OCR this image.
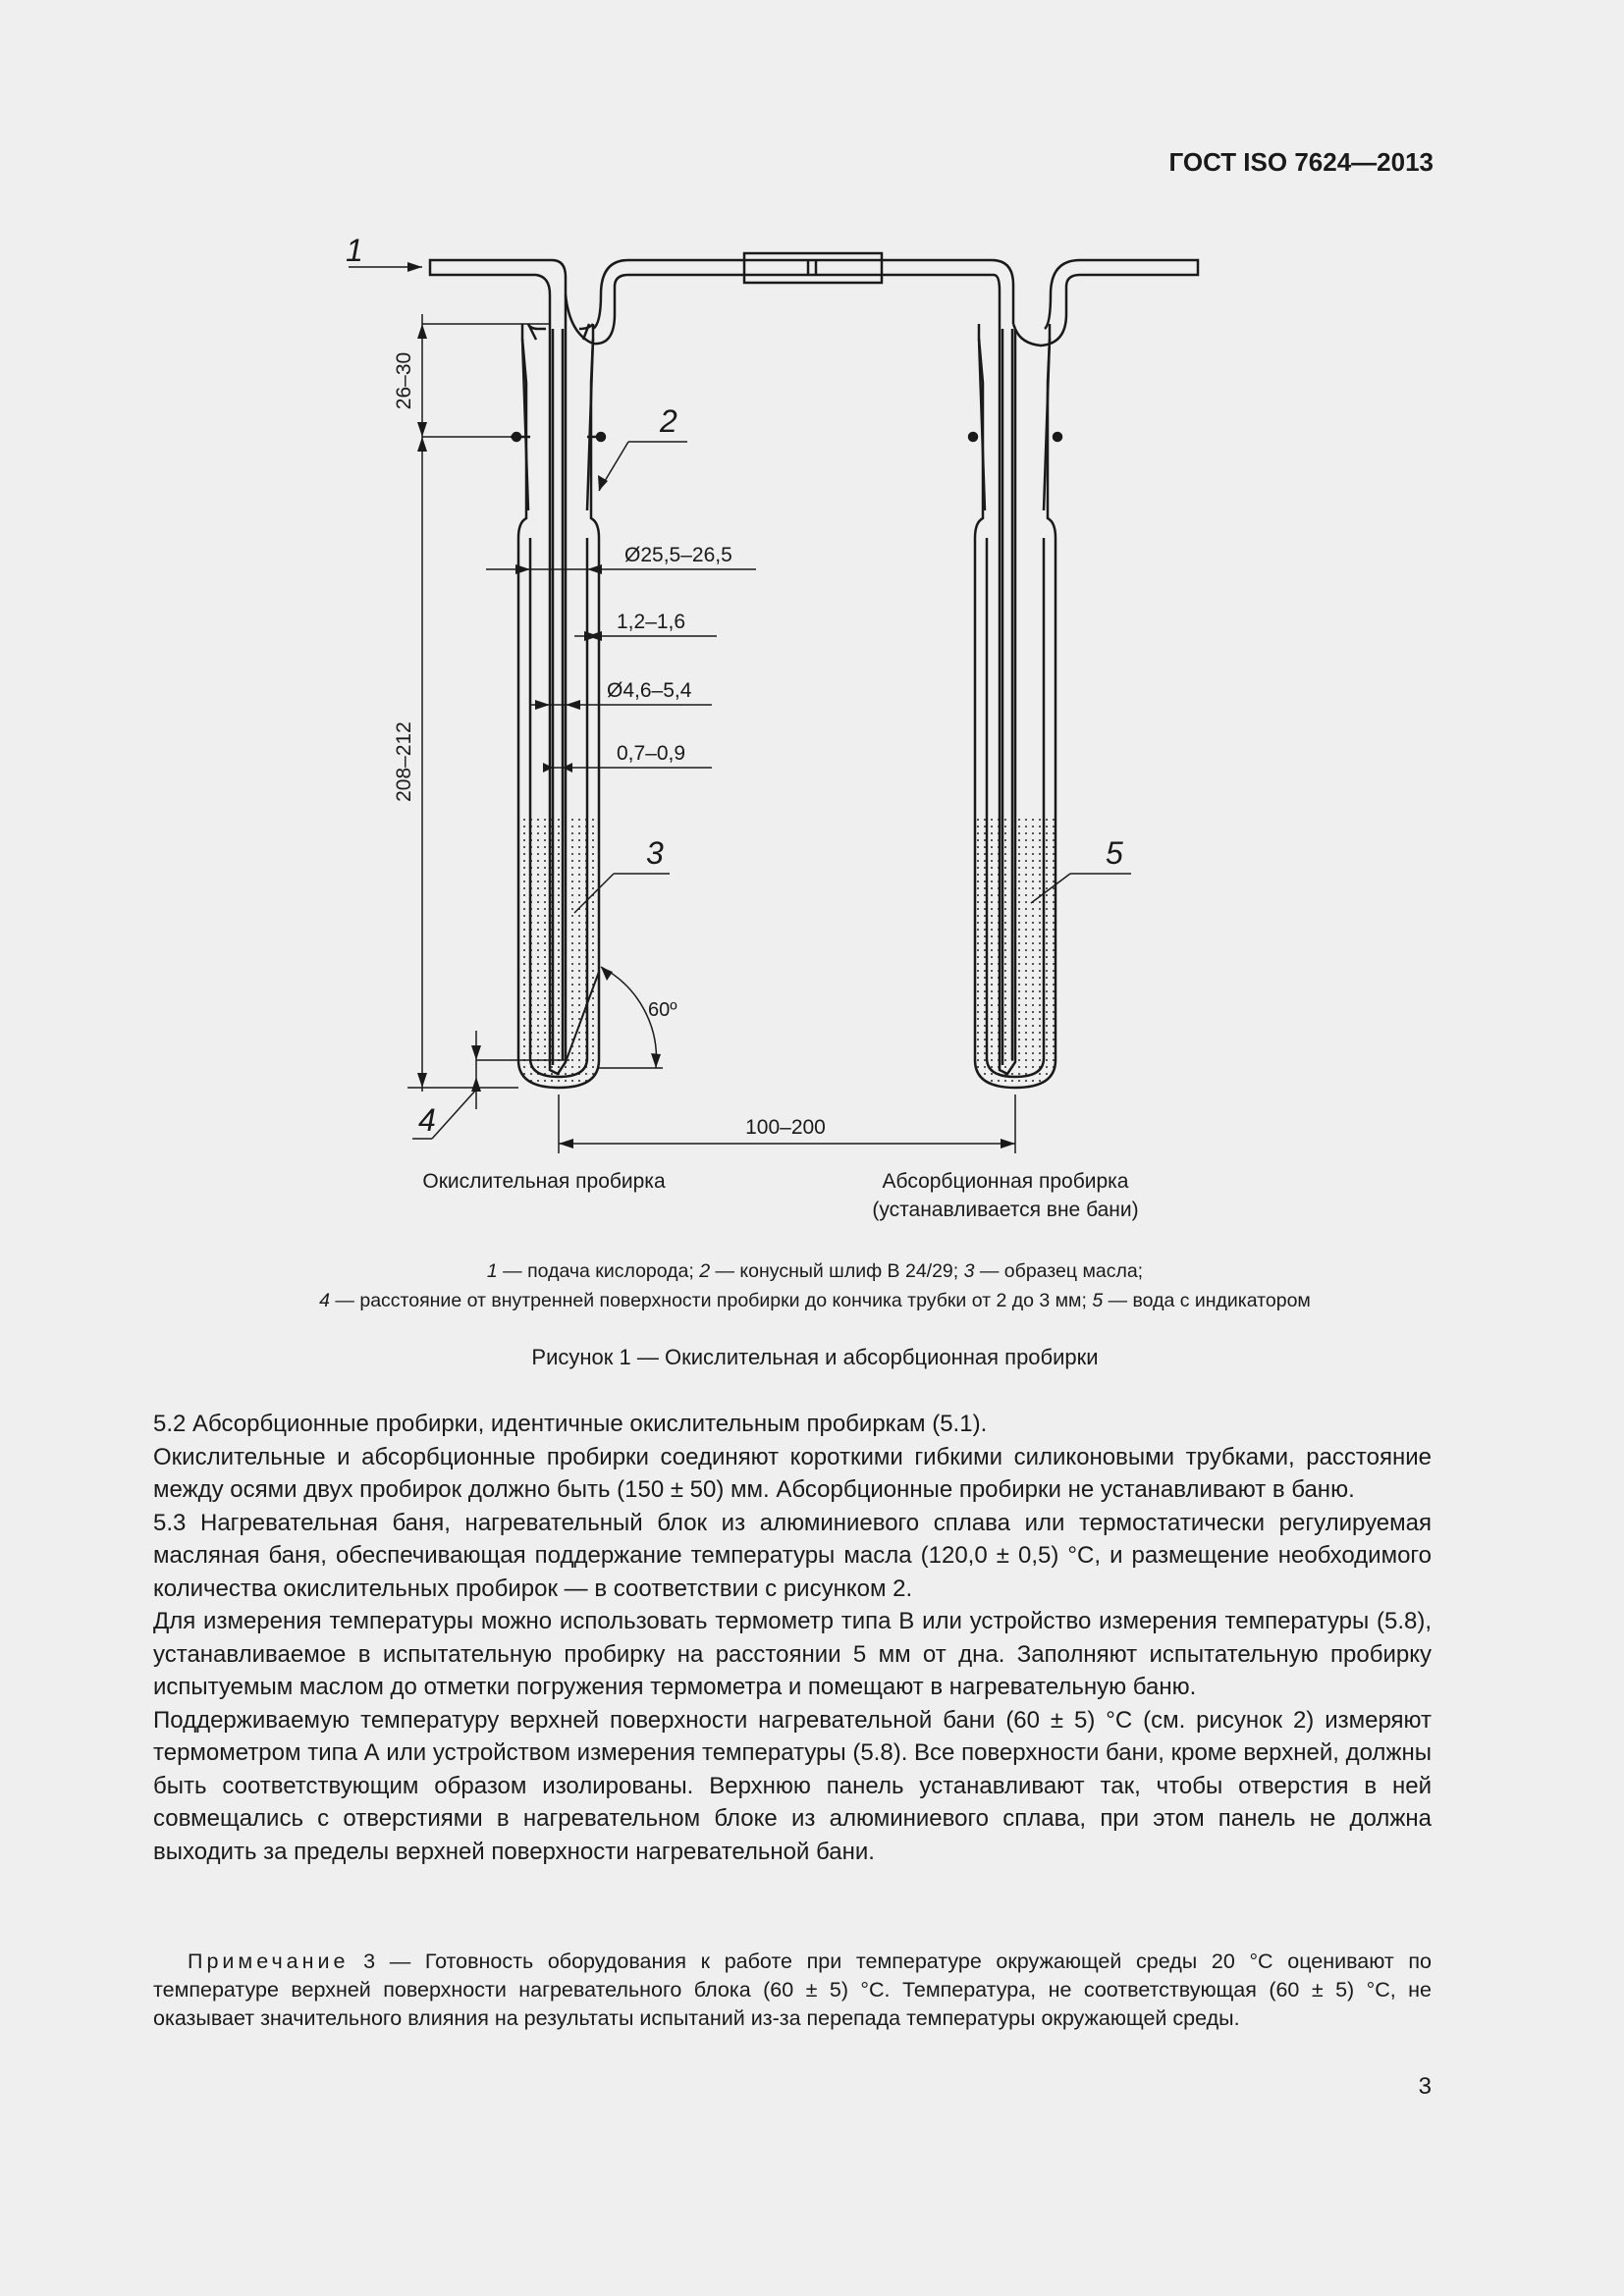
ГОСТ ISO 7624—2013

1
2
3
4
5
26–30
208–212
Ø25,5–26,5
1,2–1,6
Ø4,6–5,4
0,7–0,9
60º
100–200
Окислительная пробирка	Абсорбционная пробирка
(устанавливается вне бани)

1 — подача кислорода; 2 — конусный шлиф В 24/29; 3 — образец масла;

4 — расстояние от внутренней поверхности пробирки до кончика трубки от 2 до 3 мм; 5 — вода с индикатором

Рисунок 1 — Окислительная и абсорбционная пробирки

5.2 Абсорбционные пробирки, идентичные окислительным пробиркам (5.1).

Окислительные и абсорбционные пробирки соединяют короткими гибкими силиконовыми трубками, расстояние между осями двух пробирок должно быть (150 ± 50) мм. Абсорбционные пробирки не устанавливают в баню.

5.3 Нагревательная баня, нагревательный блок из алюминиевого сплава или термостатически регулируемая масляная баня, обеспечивающая поддержание температуры масла (120,0 ± 0,5) °С, и размещение необходимого количества окислительных пробирок — в соответствии с рисунком 2.

Для измерения температуры можно использовать термометр типа В или устройство измерения температуры (5.8), устанавливаемое в испытательную пробирку на расстоянии 5 мм от дна. Заполняют испытательную пробирку испытуемым маслом до отметки погружения термометра и помещают в нагревательную баню.

Поддерживаемую температуру верхней поверхности нагревательной бани (60 ± 5) °С (см. рисунок 2) измеряют термометром типа А или устройством измерения температуры (5.8). Все поверхности бани, кроме верхней, должны быть соответствующим образом изолированы. Верхнюю панель устанавливают так, чтобы отверстия в ней совмещались с отверстиями в нагревательном блоке из алюминиевого сплава, при этом панель не должна выходить за пределы верхней поверхности нагревательной бани.

Примечание 3 — Готовность оборудования к работе при температуре окружающей среды 20 °С оценивают по температуре верхней поверхности нагревательного блока (60 ± 5) °С. Температура, не соответствующая (60 ± 5) °С, не оказывает значительного влияния на результаты испытаний из-за перепада температуры окружающей среды.

3
